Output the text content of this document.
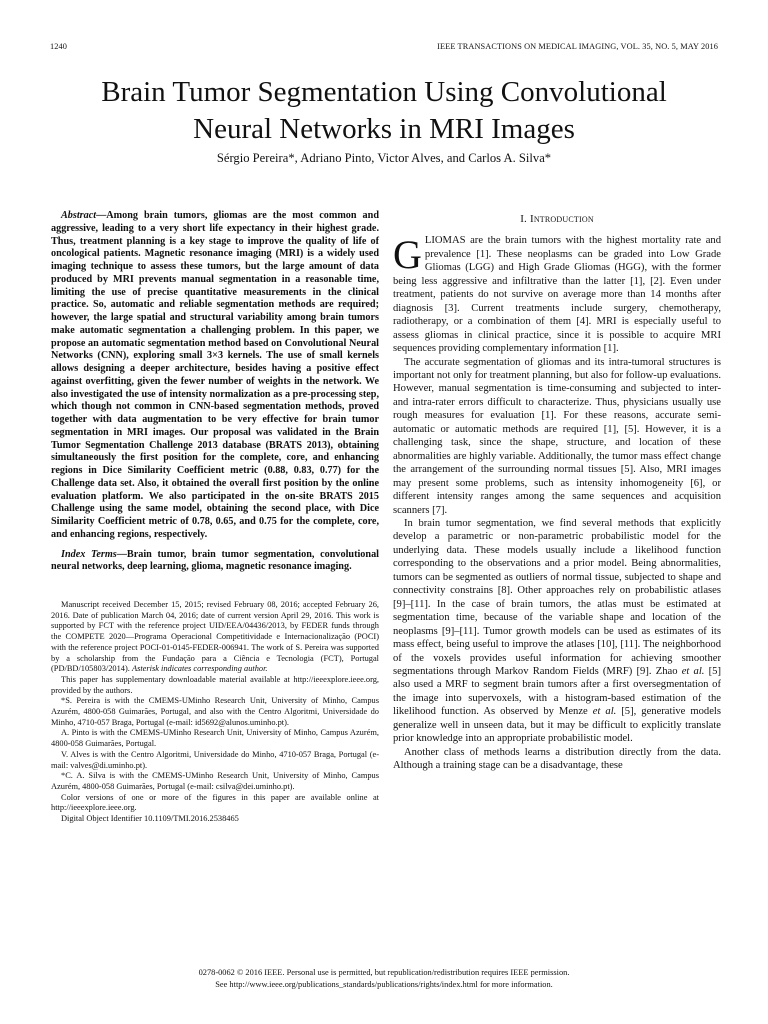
1240	IEEE TRANSACTIONS ON MEDICAL IMAGING, VOL. 35, NO. 5, MAY 2016
Brain Tumor Segmentation Using Convolutional
Neural Networks in MRI Images
Sérgio Pereira*, Adriano Pinto, Victor Alves, and Carlos A. Silva*

Abstract—Among brain tumors, gliomas are the most common and aggressive, leading to a very short life expectancy in their highest grade. Thus, treatment planning is a key stage to improve the quality of life of oncological patients. Magnetic resonance imaging (MRI) is a widely used imaging technique to assess these tumors, but the large amount of data produced by MRI prevents manual segmentation in a reasonable time, limiting the use of precise quantitative measurements in the clinical practice. So, automatic and reliable segmentation methods are required; however, the large spatial and structural variability among brain tumors make automatic segmentation a challenging problem. In this paper, we propose an automatic segmentation method based on Convolutional Neural Networks (CNN), exploring small 3×3 kernels. The use of small kernels allows designing a deeper architecture, besides having a positive effect against overfitting, given the fewer number of weights in the network. We also investigated the use of intensity normalization as a pre-processing step, which though not common in CNN-based segmentation methods, proved together with data augmentation to be very effective for brain tumor segmentation in MRI images. Our proposal was validated in the Brain Tumor Segmentation Challenge 2013 database (BRATS 2013), obtaining simultaneously the first position for the complete, core, and enhancing regions in Dice Similarity Coefficient metric (0.88, 0.83, 0.77) for the Challenge data set. Also, it obtained the overall first position by the online evaluation platform. We also participated in the on-site BRATS 2015 Challenge using the same model, obtaining the second place, with Dice Similarity Coefficient metric of 0.78, 0.65, and 0.75 for the complete, core, and enhancing regions, respectively.

Index Terms—Brain tumor, brain tumor segmentation, convolutional neural networks, deep learning, glioma, magnetic resonance imaging.

Manuscript received December 15, 2015; revised February 08, 2016; accepted February 26, 2016. Date of publication March 04, 2016; date of current version April 29, 2016. This work is supported by FCT with the reference project UID/EEA/04436/2013, by FEDER funds through the COMPETE 2020—Programa Operacional Competitividade e Internacionalização (POCI) with the reference project POCI-01-0145-FEDER-006941. The work of S. Pereira was supported by a scholarship from the Fundação para a Ciência e Tecnologia (FCT), Portugal (PD/BD/105803/2014). Asterisk indicates corresponding author.

This paper has supplementary downloadable material available at http://ieeexplore.ieee.org, provided by the authors.

*S. Pereira is with the CMEMS-UMinho Research Unit, University of Minho, Campus Azurém, 4800-058 Guimarães, Portugal, and also with the Centro Algoritmi, Universidade do Minho, 4710-057 Braga, Portugal (e-mail: id5692@alunos.uminho.pt).

A. Pinto is with the CMEMS-UMinho Research Unit, University of Minho, Campus Azurém, 4800-058 Guimarães, Portugal.

V. Alves is with the Centro Algoritmi, Universidade do Minho, 4710-057 Braga, Portugal (e-mail: valves@di.uminho.pt).

*C. A. Silva is with the CMEMS-UMinho Research Unit, University of Minho, Campus Azurém, 4800-058 Guimarães, Portugal (e-mail: csilva@dei.uminho.pt).

Color versions of one or more of the figures in this paper are available online at http://ieeexplore.ieee.org.

Digital Object Identifier 10.1109/TMI.2016.2538465

I. Introduction

GLIOMAS are the brain tumors with the highest mortality rate and prevalence [1]. These neoplasms can be graded into Low Grade Gliomas (LGG) and High Grade Gliomas (HGG), with the former being less aggressive and infiltrative than the latter [1], [2]. Even under treatment, patients do not survive on average more than 14 months after diagnosis [3]. Current treatments include surgery, chemotherapy, radiotherapy, or a combination of them [4]. MRI is especially useful to assess gliomas in clinical practice, since it is possible to acquire MRI sequences providing complementary information [1].

The accurate segmentation of gliomas and its intra-tumoral structures is important not only for treatment planning, but also for follow-up evaluations. However, manual segmentation is time-consuming and subjected to inter- and intra-rater errors difficult to characterize. Thus, physicians usually use rough measures for evaluation [1]. For these reasons, accurate semi-automatic or automatic methods are required [1], [5]. However, it is a challenging task, since the shape, structure, and location of these abnormalities are highly variable. Additionally, the tumor mass effect change the arrangement of the surrounding normal tissues [5]. Also, MRI images may present some problems, such as intensity inhomogeneity [6], or different intensity ranges among the same sequences and acquisition scanners [7].

In brain tumor segmentation, we find several methods that explicitly develop a parametric or non-parametric probabilistic model for the underlying data. These models usually include a likelihood function corresponding to the observations and a prior model. Being abnormalities, tumors can be segmented as outliers of normal tissue, subjected to shape and connectivity constrains [8]. Other approaches rely on probabilistic atlases [9]–[11]. In the case of brain tumors, the atlas must be estimated at segmentation time, because of the variable shape and location of the neoplasms [9]–[11]. Tumor growth models can be used as estimates of its mass effect, being useful to improve the atlases [10], [11]. The neighborhood of the voxels provides useful information for achieving smoother segmentations through Markov Random Fields (MRF) [9]. Zhao et al. [5] also used a MRF to segment brain tumors after a first oversegmentation of the image into supervoxels, with a histogram-based estimation of the likelihood function. As observed by Menze et al. [5], generative models generalize well in unseen data, but it may be difficult to explicitly translate prior knowledge into an appropriate probabilistic model.

Another class of methods learns a distribution directly from the data. Although a training stage can be a disadvantage, these

0278-0062 © 2016 IEEE. Personal use is permitted, but republication/redistribution requires IEEE permission.

See http://www.ieee.org/publications_standards/publications/rights/index.html for more information.
